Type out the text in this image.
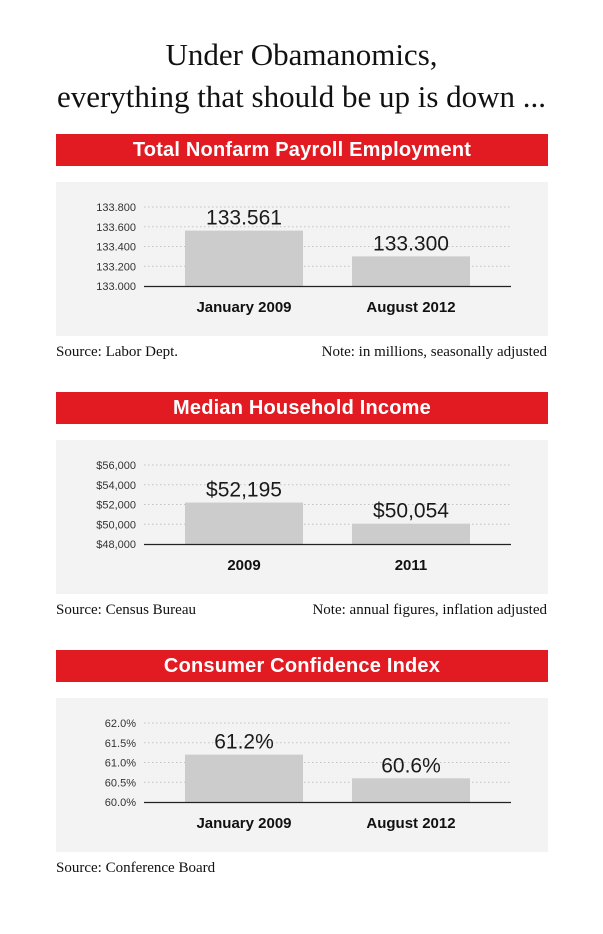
Under Obamanomics,
everything that should be up is down ...
Total Nonfarm Payroll Employment
133.000
133.200
133.400
133.600
133.800	133.561
January 2009
133.300
August 2012
Source: Labor Dept.	Note: in millions, seasonally adjusted
Median Household Income
$48,000
$50,000
$52,000
$54,000
$56,000
$52,195
2009
$50,054
2011
Source: Census Bureau	Note: annual figures, inflation adjusted
Consumer Confidence Index
60.0%
60.5%
61.0%
61.5%
62.0%
61.2%
January 2009
60.6%
August 2012
Source: Conference Board
